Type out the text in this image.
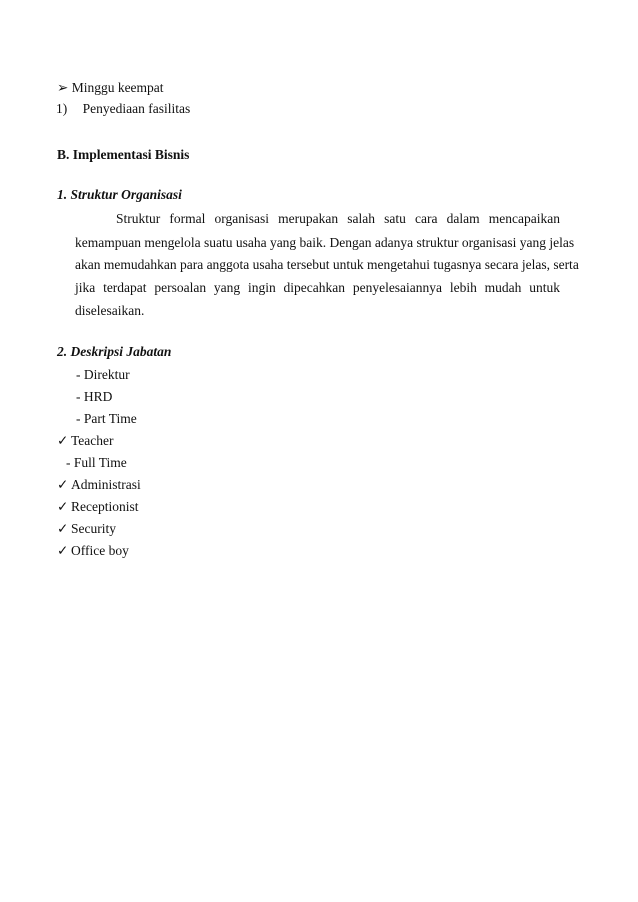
➢ Minggu keempat
1) Penyediaan fasilitas
B. Implementasi Bisnis
1. Struktur Organisasi
Struktur formal organisasi merupakan salah satu cara dalam mencapaikan
kemampuan mengelola suatu usaha yang baik. Dengan adanya struktur organisasi yang jelas
akan memudahkan para anggota usaha tersebut untuk mengetahui tugasnya secara jelas, serta
jika terdapat persoalan yang ingin dipecahkan penyelesaiannya lebih mudah untuk
diselesaikan.
2. Deskripsi Jabatan
- Direktur
- HRD
- Part Time
✓ Teacher
- Full Time
✓ Administrasi
✓ Receptionist
✓ Security
✓ Office boy
